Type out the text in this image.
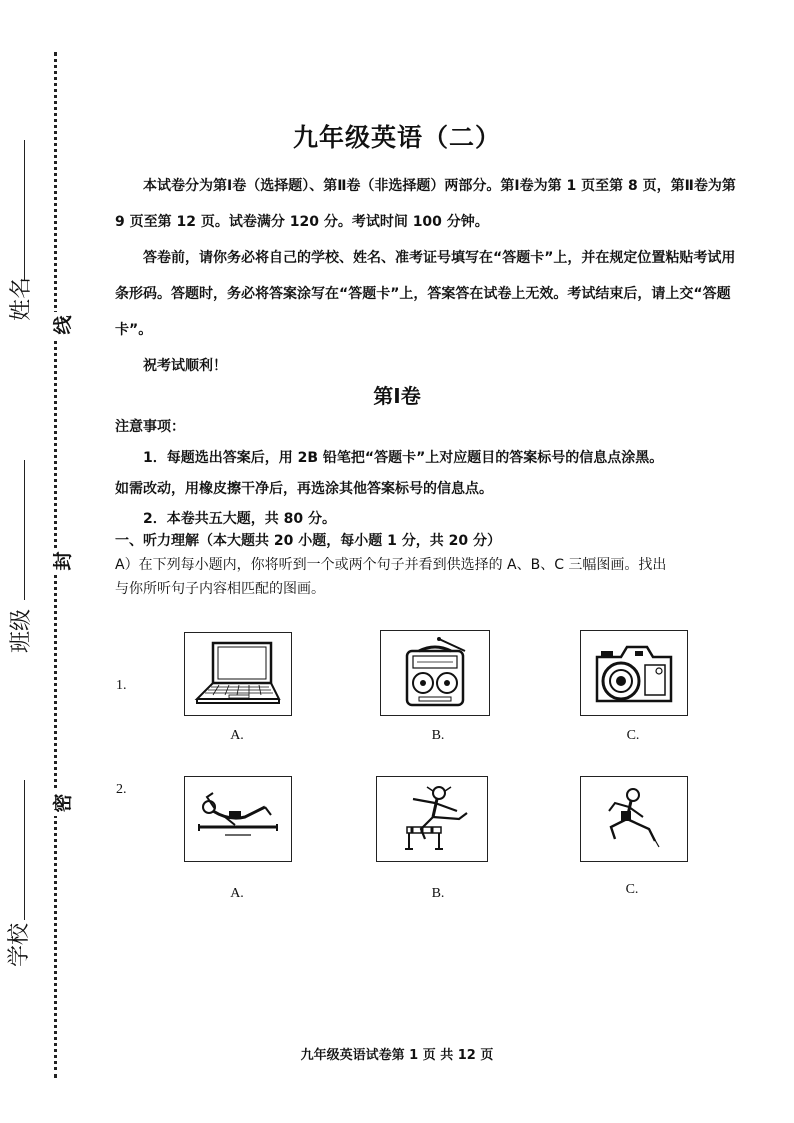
线
封
密
姓名
班级
学校
九年级英语（二）
本试卷分为第Ⅰ卷（选择题）、第Ⅱ卷（非选择题）两部分。第Ⅰ卷为第 1 页至第 8 页，第Ⅱ卷为第 9 页至第 12 页。试卷满分 120 分。考试时间 100 分钟。
答卷前，请你务必将自己的学校、姓名、准考证号填写在“答题卡”上，并在规定位置粘贴考试用条形码。答题时，务必将答案涂写在“答题卡”上，答案答在试卷上无效。考试结束后，请上交“答题卡”。
祝考试顺利！
第Ⅰ卷
注意事项：
1．每题选出答案后，用 2B 铅笔把“答题卡”上对应题目的答案标号的信息点涂黑。
如需改动，用橡皮擦干净后，再选涂其他答案标号的信息点。
2．本卷共五大题，共 80 分。
一、听力理解（本大题共 20 小题，每小题 1 分，共 20 分）
A）在下列每小题内，你将听到一个或两个句子并看到供选择的 A、B、C 三幅图画。找出
与你所听句子内容相匹配的图画。
1.
A.	B.	C.
2.
A.	B.	C.
九年级英语试卷第 1 页 共 12 页
